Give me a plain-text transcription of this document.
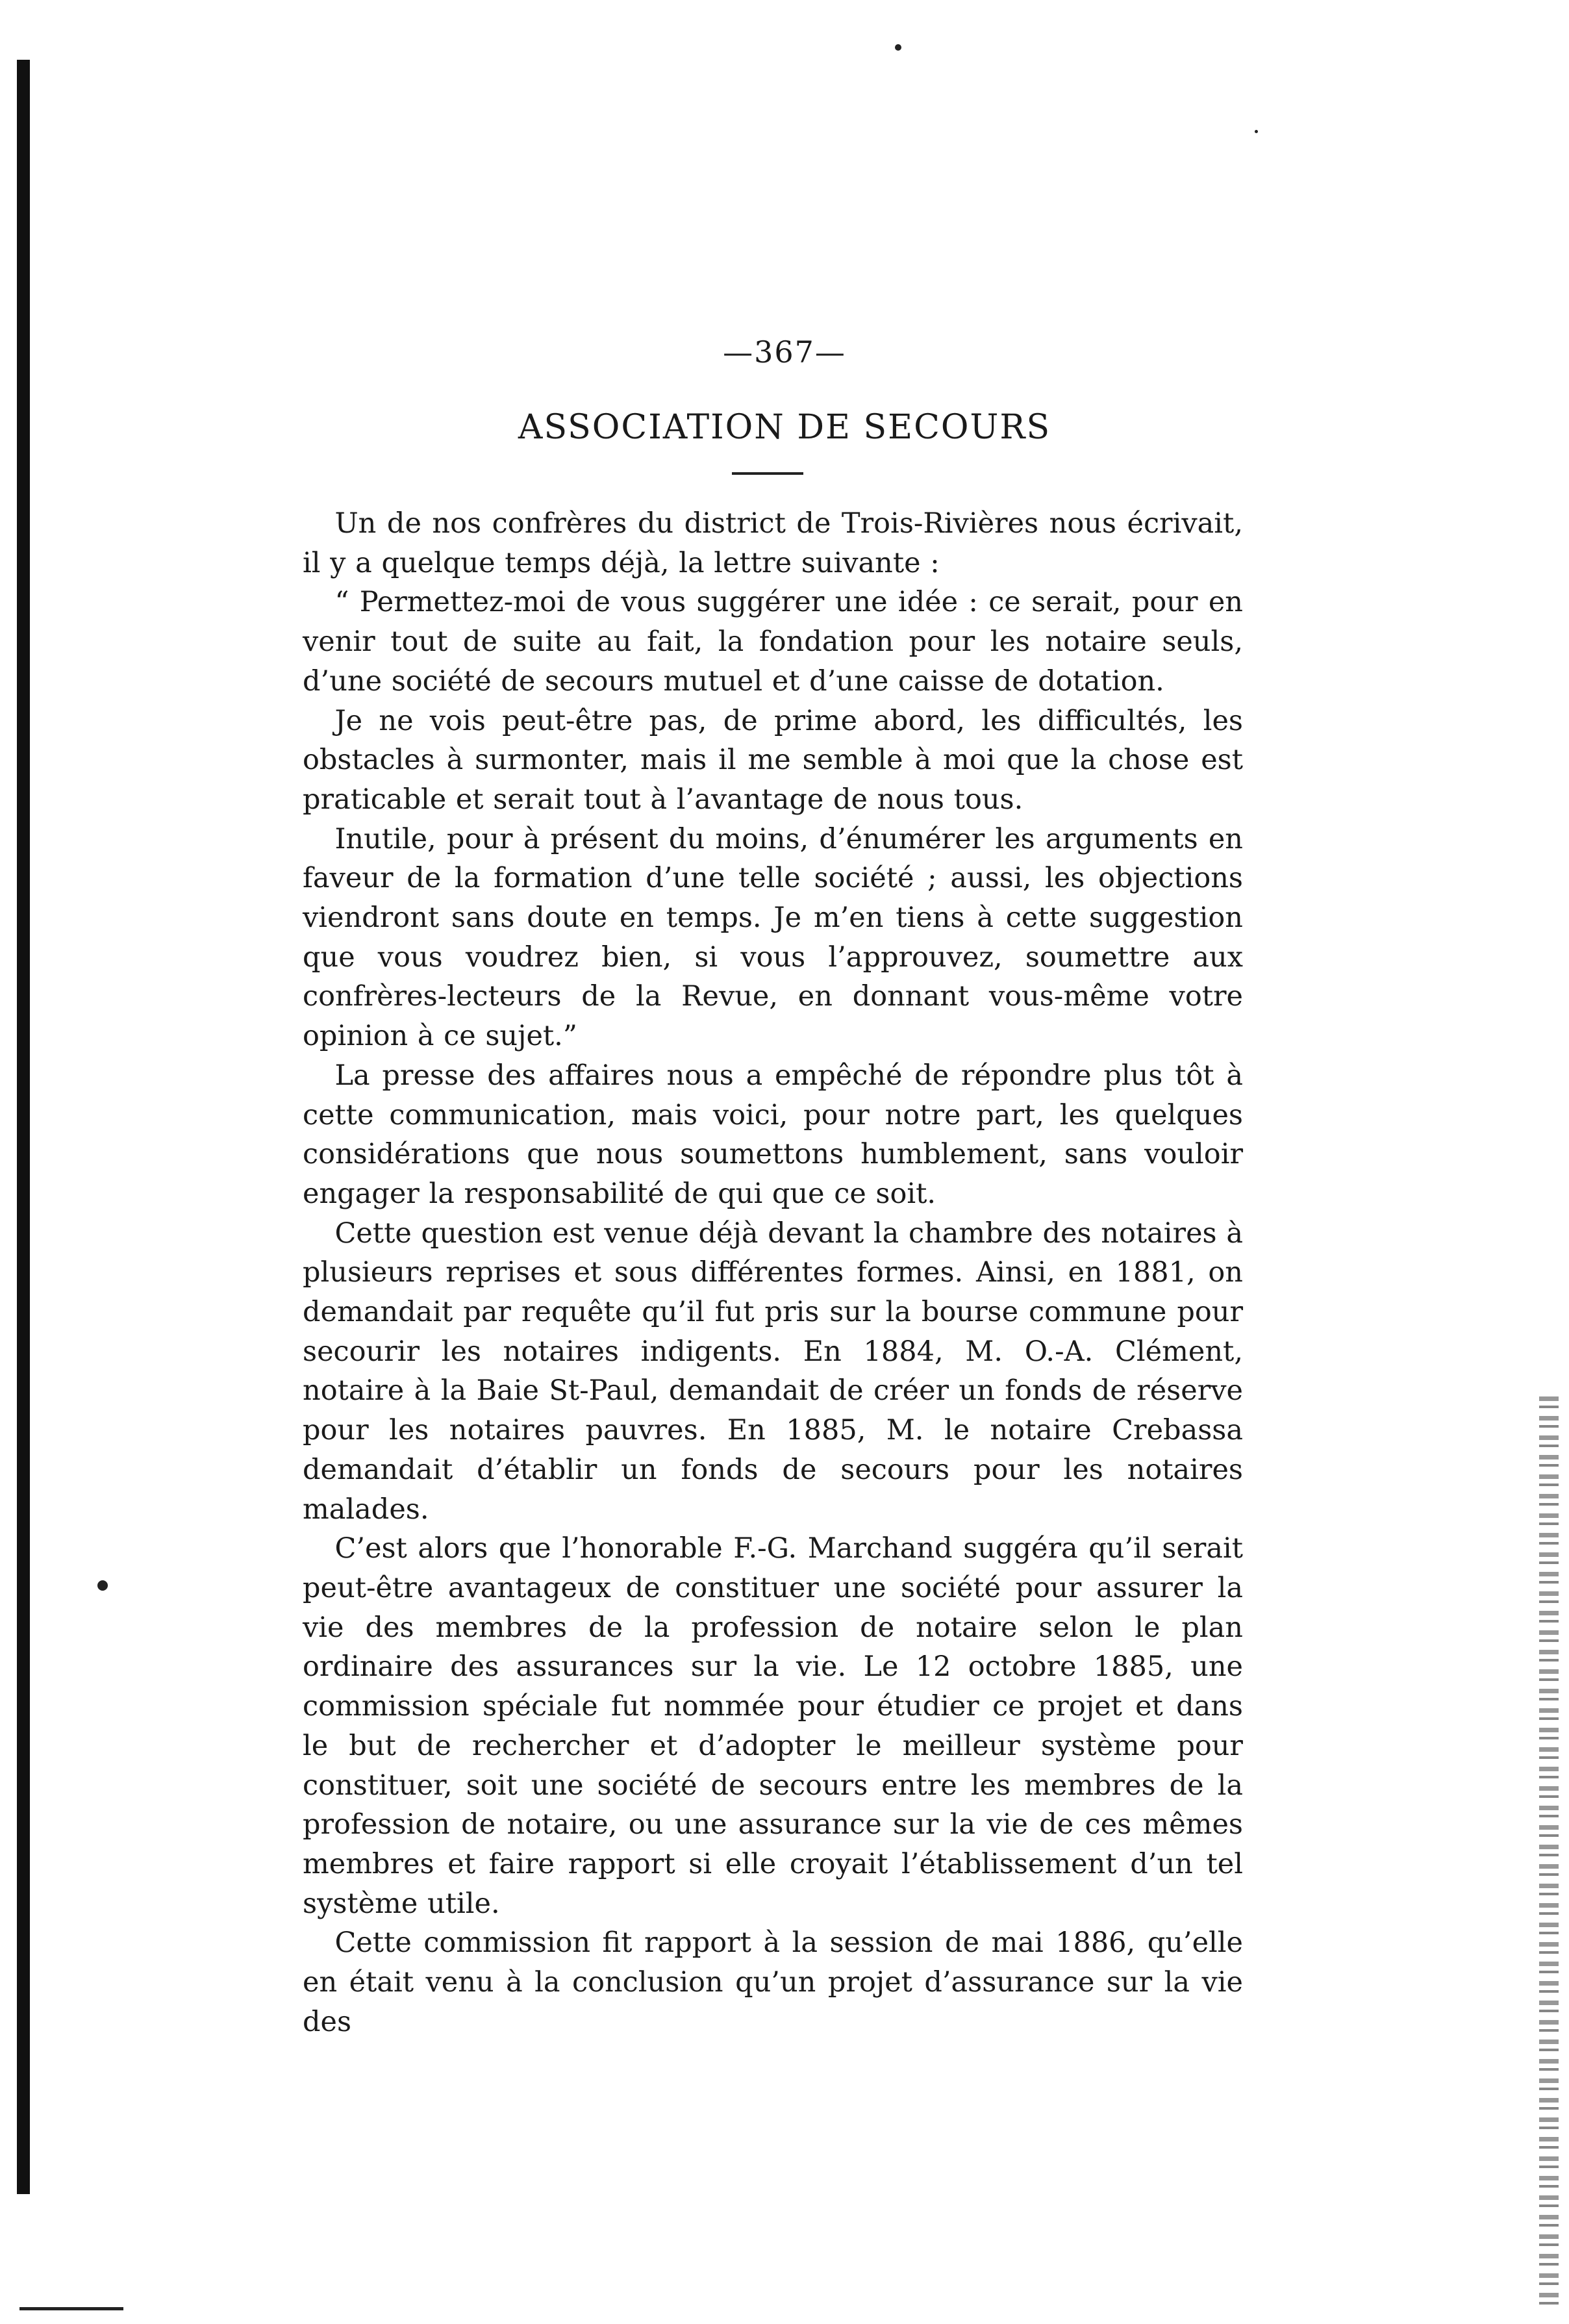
—367—
ASSOCIATION DE SECOURS

Un de nos confrères du district de Trois-Rivières nous écrivait, il y a quelque temps déjà, la lettre suivante :

“ Permettez-moi de vous suggérer une idée : ce serait, pour en venir tout de suite au fait, la fondation pour les notaire seuls, d’une société de secours mutuel et d’une caisse de dotation.

Je ne vois peut-être pas, de prime abord, les difficultés, les obstacles à surmonter, mais il me semble à moi que la chose est praticable et serait tout à l’avantage de nous tous.

Inutile, pour à présent du moins, d’énumérer les arguments en faveur de la formation d’une telle société ; aussi, les objections viendront sans doute en temps. Je m’en tiens à cette suggestion que vous voudrez bien, si vous l’approuvez, soumettre aux confrères-lecteurs de la Revue, en donnant vous-même votre opinion à ce sujet.”

La presse des affaires nous a empêché de répondre plus tôt à cette communication, mais voici, pour notre part, les quelques considérations que nous soumettons humblement, sans vouloir engager la responsabilité de qui que ce soit.

Cette question est venue déjà devant la chambre des notaires à plusieurs reprises et sous différentes formes. Ainsi, en 1881, on demandait par requête qu’il fut pris sur la bourse commune pour secourir les notaires indigents. En 1884, M. O.-A. Clément, notaire à la Baie St-Paul, demandait de créer un fonds de réserve pour les notaires pauvres. En 1885, M. le notaire Crebassa demandait d’établir un fonds de secours pour les notaires malades.

C’est alors que l’honorable F.-G. Marchand suggéra qu’il serait peut-être avantageux de constituer une société pour assurer la vie des membres de la profession de notaire selon le plan ordinaire des assurances sur la vie. Le 12 octobre 1885, une commission spéciale fut nommée pour étudier ce projet et dans le but de rechercher et d’adopter le meilleur système pour constituer, soit une société de secours entre les membres de la profession de notaire, ou une assurance sur la vie de ces mêmes membres et faire rapport si elle croyait l’établissement d’un tel système utile.

Cette commission fit rapport à la session de mai 1886, qu’elle en était venu à la conclusion qu’un projet d’assurance sur la vie des
